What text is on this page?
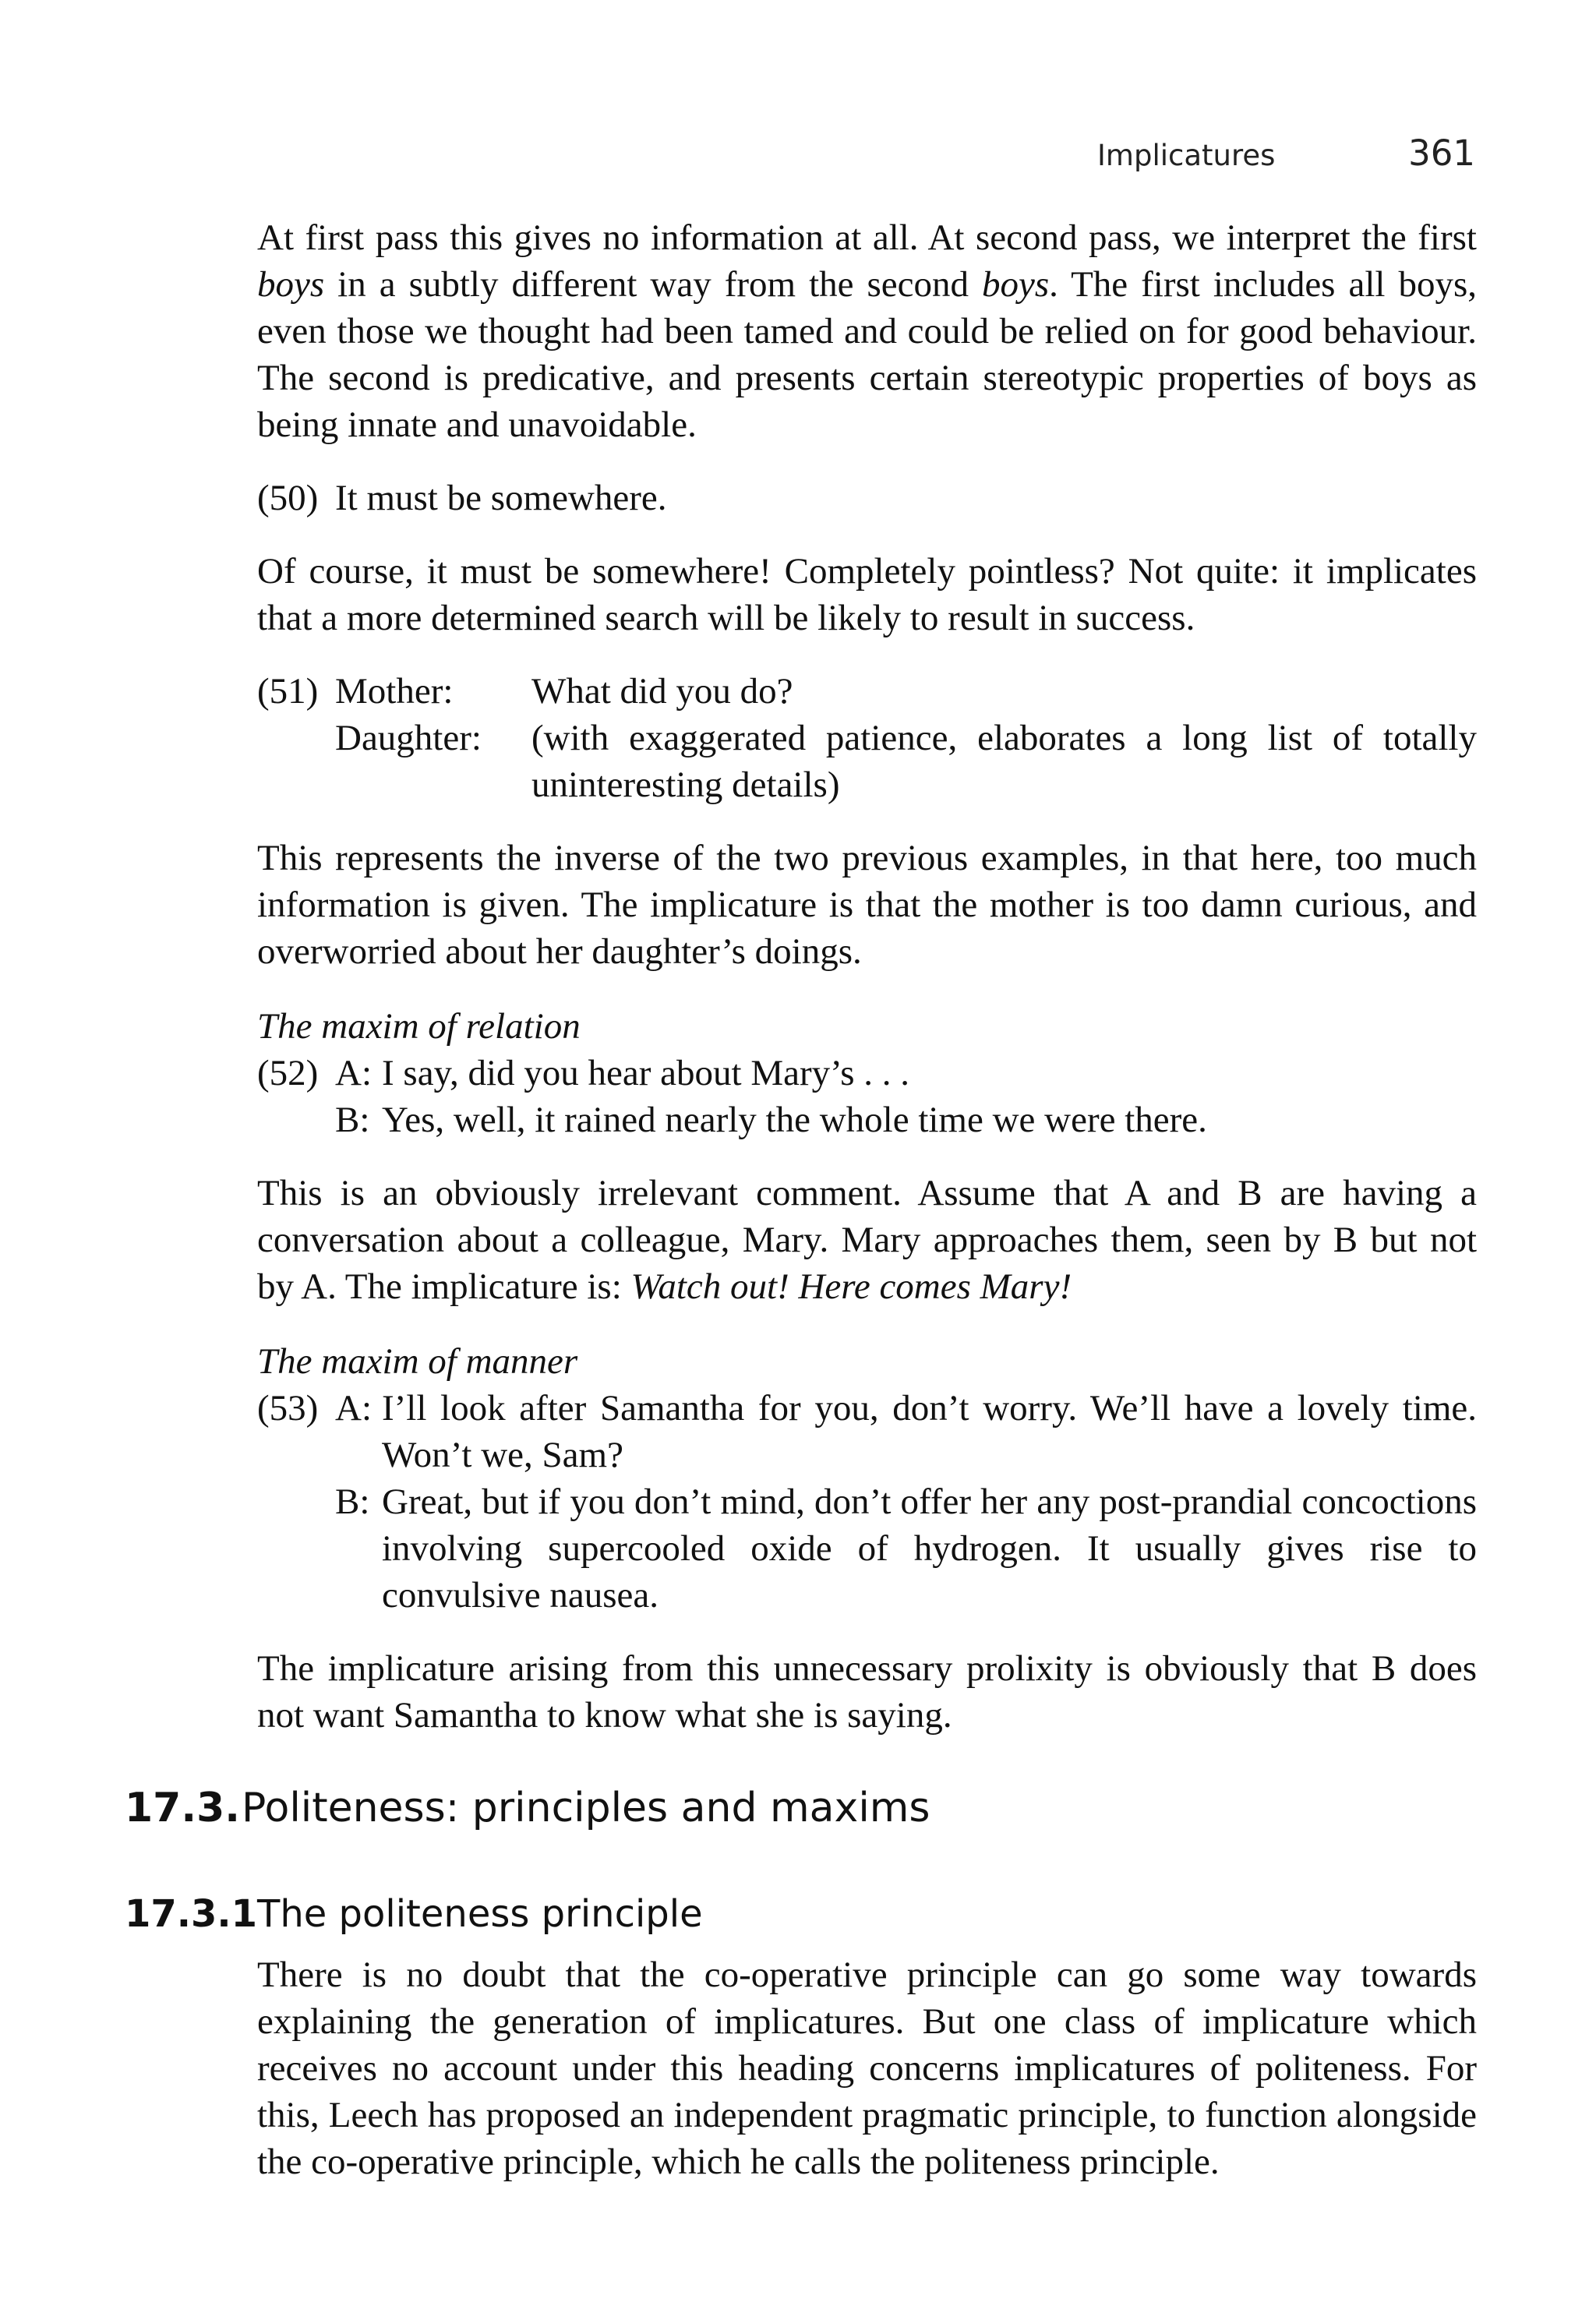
Implicatures	361

At first pass this gives no information at all. At second pass, we interpret the first boys in a subtly different way from the second boys. The first includes all boys, even those we thought had been tamed and could be relied on for good behaviour. The second is predicative, and presents certain stereotypic properties of boys as being innate and unavoidable.

(50) It must be somewhere.

Of course, it must be somewhere! Completely pointless? Not quite: it implicates that a more determined search will be likely to result in success.

(51) Mother:	What did you do?
Daughter:	(with exaggerated patience, elaborates a long list of totally uninteresting details)

This represents the inverse of the two previous examples, in that here, too much information is given. The implicature is that the mother is too damn curious, and overworried about her daughter’s doings.

The maxim of relation

(52) A: I say, did you hear about Mary’s . . .
B: Yes, well, it rained nearly the whole time we were there.

This is an obviously irrelevant comment. Assume that A and B are having a conversation about a colleague, Mary. Mary approaches them, seen by B but not by A. The implicature is: Watch out! Here comes Mary!

The maxim of manner

(53) A: I’ll look after Samantha for you, don’t worry. We’ll have a lovely time. Won’t we, Sam?
B: Great, but if you don’t mind, don’t offer her any post-prandial concoctions involving supercooled oxide of hydrogen. It usually gives rise to convulsive nausea.

The implicature arising from this unnecessary prolixity is obviously that B does not want Samantha to know what she is saying.

17.3. Politeness: principles and maxims
17.3.1 The politeness principle

There is no doubt that the co-operative principle can go some way towards explaining the generation of implicatures. But one class of implicature which receives no account under this heading concerns implicatures of politeness. For this, Leech has proposed an independent pragmatic principle, to function alongside the co-operative principle, which he calls the politeness principle.
